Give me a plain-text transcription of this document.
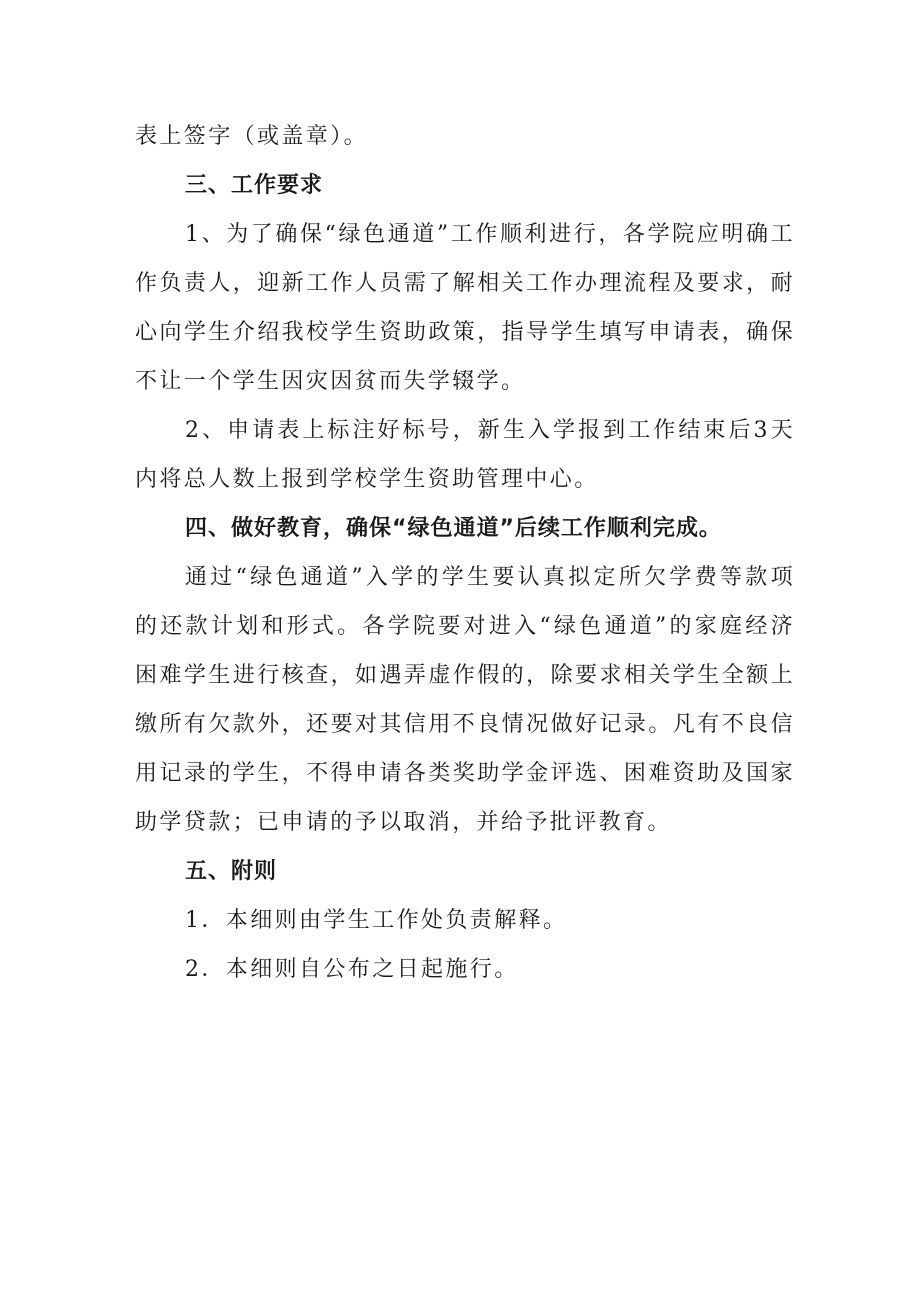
表上签字（或盖章）。

三、工作要求

1、为了确保“绿色通道”工作顺利进行，各学院应明确工作负责人，迎新工作人员需了解相关工作办理流程及要求，耐心向学生介绍我校学生资助政策，指导学生填写申请表，确保不让一个学生因灾因贫而失学辍学。

2、申请表上标注好标号，新生入学报到工作结束后3天内将总人数上报到学校学生资助管理中心。

四、做好教育，确保“绿色通道”后续工作顺利完成。

通过“绿色通道”入学的学生要认真拟定所欠学费等款项的还款计划和形式。各学院要对进入“绿色通道”的家庭经济困难学生进行核查，如遇弄虚作假的，除要求相关学生全额上缴所有欠款外，还要对其信用不良情况做好记录。凡有不良信用记录的学生，不得申请各类奖助学金评选、困难资助及国家助学贷款；已申请的予以取消，并给予批评教育。

五、附则

1．本细则由学生工作处负责解释。

2．本细则自公布之日起施行。
